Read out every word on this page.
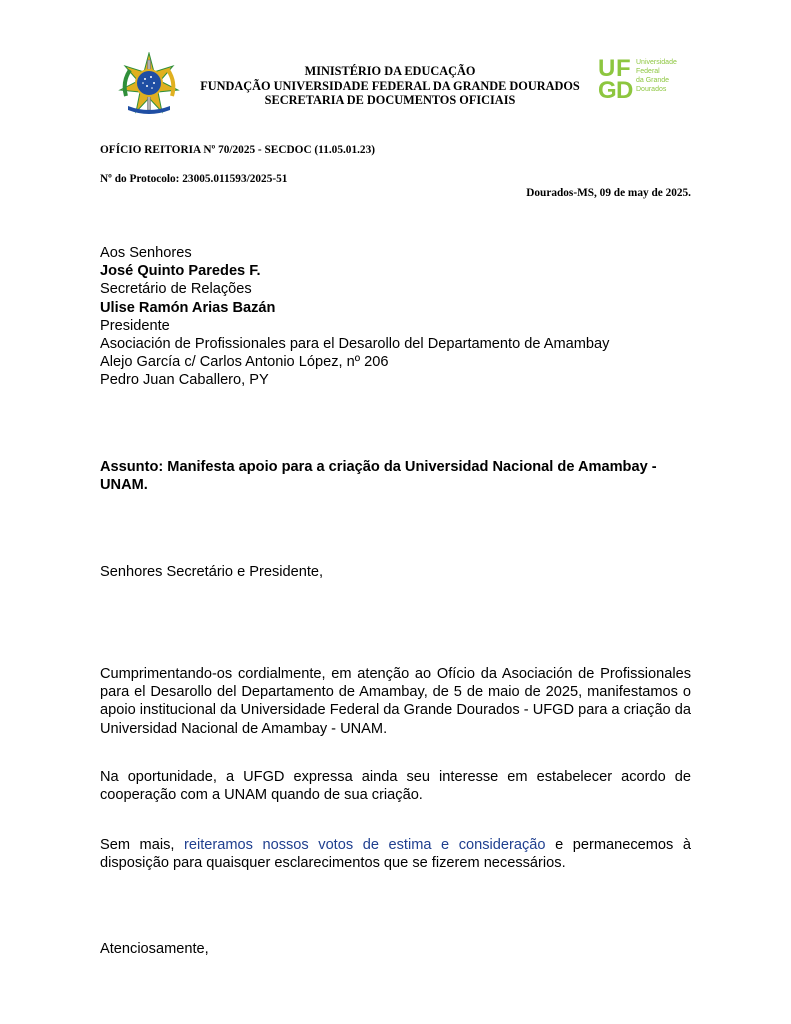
MINISTÉRIO DA EDUCAÇÃO
FUNDAÇÃO UNIVERSIDADE FEDERAL DA GRANDE DOURADOS
SECRETARIA DE DOCUMENTOS OFICIAIS
U F
G D
Universidade
Federal
da Grande
Dourados
OFÍCIO REITORIA Nº 70/2025 - SECDOC (11.05.01.23)
Nº do Protocolo: 23005.011593/2025-51
Dourados-MS, 09 de may de 2025.
Aos Senhores
José Quinto Paredes F.
Secretário de Relações
Ulise Ramón Arias Bazán
Presidente
Asociación de Profissionales para el Desarollo del Departamento de Amambay
Alejo García c/ Carlos Antonio López, nº 206
Pedro Juan Caballero, PY
Assunto: Manifesta apoio para a criação da Universidad Nacional de Amambay - UNAM.
Senhores Secretário e Presidente,
Cumprimentando-os cordialmente, em atenção ao Ofício da Asociación de Profissionales para el Desarollo del Departamento de Amambay, de 5 de maio de 2025, manifestamos o apoio institucional da Universidade Federal da Grande Dourados - UFGD para a criação da Universidad Nacional de Amambay - UNAM.
Na oportunidade, a UFGD expressa ainda seu interesse em estabelecer acordo de cooperação com a UNAM quando de sua criação.
Sem mais, reiteramos nossos votos de estima e consideração e permanecemos à disposição para quaisquer esclarecimentos que se fizerem necessários.
Atenciosamente,
